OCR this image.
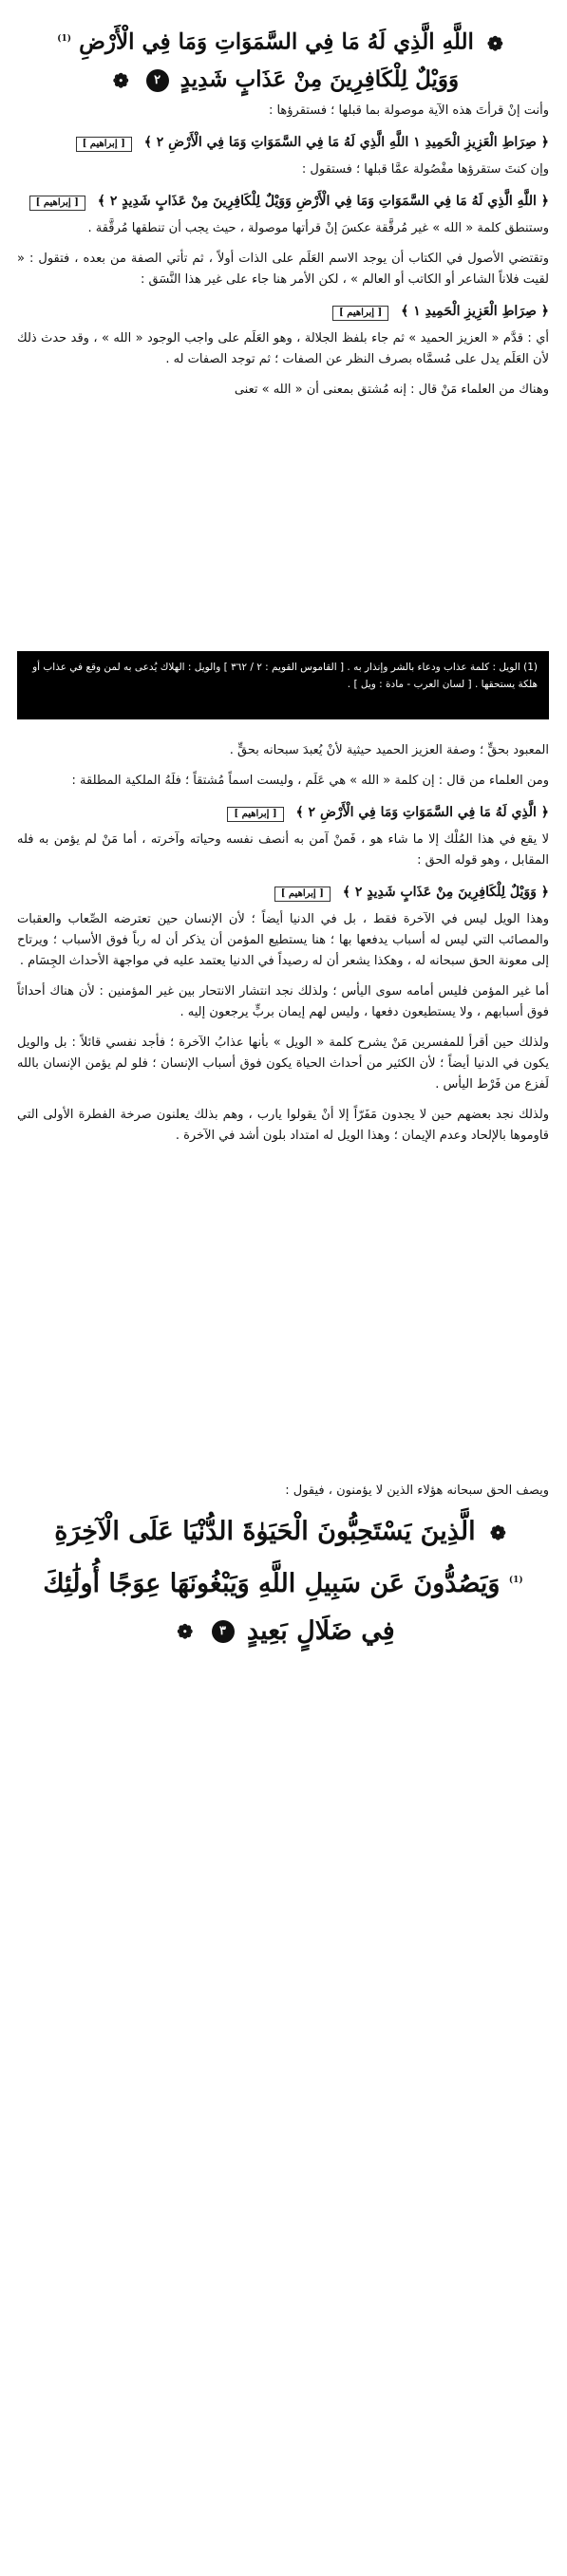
❁ اللَّهِ الَّذِي لَهُ مَا فِي السَّمَوَاتِ وَمَا فِي الْأَرْضِ $^{(1)}$
وَوَيْلٌ لِلْكَافِرِينَ مِنْ عَذَابٍ شَدِيدٍ ٢ ❁

وأنت إنْ قرأتَ هذه الآية موصولة بما قبلها ؛ فستقرؤها :

﴿ صِرَاطِ الْعَزِيزِ الْحَمِيدِ ١ اللَّهِ الَّذِي لَهُ مَا فِي السَّمَوَاتِ وَمَا فِي الْأَرْضِ ٢ ﴾ [ إبراهيم ]

وإن كنتَ ستقرؤها مفْصُولة عمَّا قبلها ؛ فستقول :

﴿ اللَّهِ الَّذِي لَهُ مَا فِي السَّمَوَاتِ وَمَا فِي الْأَرْضِ وَوَيْلٌ لِلْكَافِرِينَ مِنْ عَذَابٍ شَدِيدٍ ٢ ﴾ [ إبراهيم ]

وستنطق كلمة « الله » غير مُرقَّقة عكسَ إنْ قرأتها موصولة ، حيث يجب أن تنطقها مُرقَّقة .

وتقتضي الأصول في الكتاب أن يوجد الاسم العَلَم على الذات أولاً ، ثم تأتي الصفة من بعده ، فتقول : « لقيت فلاناً الشاعر أو الكاتب أو العالم » ، لكن الأمر هنا جاء على غير هذا النَّسَق :

﴿ صِرَاطِ الْعَزِيزِ الْحَمِيدِ ١ ﴾ [ إبراهيم ]

أي : قدَّم « العزيز الحميد » ثم جاء بلفظ الجلالة ، وهو العَلَم على واجب الوجود « الله » ، وقد حدث ذلك لأن العَلَم يدل على مُسمَّاه بصرف النظر عن الصفات ؛ ثم توجد الصفات له .

وهناك من العلماء مَنْ قال : إنه مُشتق بمعنى أن « الله » تعنى

(1) الويل : كلمة عذاب ودعاء بالشر وإنذار به . [ القاموس القويم : ٢ / ٣٦٢ ] والويل : الهلاك يُدعى به لمن وقع في عذاب أو هلكة يستحقها . [ لسان العرب - مادة : ويل ] .

المعبود بحقٍّ ؛ وصفة العزيز الحميد حيثية لأنْ يُعبدَ سبحانه بحقٍّ .

ومن العلماء من قال : إن كلمة « الله » هي عَلَم ، وليست اسماً مُشتقاً ؛ فلَهُ الملكية المطلقة :

﴿ الَّذِي لَهُ مَا فِي السَّمَوَاتِ وَمَا فِي الْأَرْضِ ٢ ﴾ [ إبراهيم ]

لا يقع في هذا المُلْك إلا ما شاء هو ، فَمنْ آمن به أنصف نفسه وحياته وآخرته ، أما مَنْ لم يؤمن به فله المقابل ، وهو قوله الحق :

﴿ وَوَيْلٌ لِلْكَافِرِينَ مِنْ عَذَابٍ شَدِيدٍ ٢ ﴾ [ إبراهيم ]

وهذا الويل ليس في الآخرة فقط ، بل في الدنيا أيضاً ؛ لأن الإنسان حين تعترضه الصِّعاب والعقبات والمصائب التي ليس له أسباب يدفعها بها ؛ هنا يستطيع المؤمن أن يذكر أن له رباً فوق الأسباب ؛ ويرتاح إلى معونة الحق سبحانه له ، وهكذا يشعر أن له رصيداً في الدنيا يعتمد عليه في مواجهة الأحداث الجِسَام .

أما غير المؤمن فليس أمامه سوى اليأس ؛ ولذلك نجد انتشار الانتحار بين غير المؤمنين : لأن هناك أحداثاً فوق أسبابهم ، ولا يستطيعون دفعها ، وليس لهم إيمان بربٍّ يرجعون إليه .

ولذلك حين أقرأ للمفسرين مَنْ يشرح كلمة « الويل » بأنها عذابُ الآخرة ؛ فأجد نفسي قائلاً : بل والويل يكون في الدنيا أيضاً ؛ لأن الكثير من أحداث الحياة يكون فوق أسباب الإنسان ؛ فلو لم يؤمن الإنسان بالله لَفزع من فَرْط اليأس .

ولذلك نجد بعضهم حين لا يجدون مَفَرّاً إلا أنْ يقولوا يارب ، وهم بذلك يعلنون صرخة الفطرة الأولى التي قاوموها بالإلحاد وعدم الإيمان ؛ وهذا الويل له امتداد بلون أشد في الآخرة .

ويصف الحق سبحانه هؤلاء الذين لا يؤمنون ، فيقول :

❁ الَّذِينَ يَسْتَحِبُّونَ الْحَيَوٰةَ الدُّنْيَا عَلَى الْآخِرَةِ
$^{(1)}$ وَيَصُدُّونَ عَن سَبِيلِ اللَّهِ وَيَبْغُونَهَا عِوَجًا أُولَٰئِكَ
فِي ضَلَالٍ بَعِيدٍ ٣ ❁
